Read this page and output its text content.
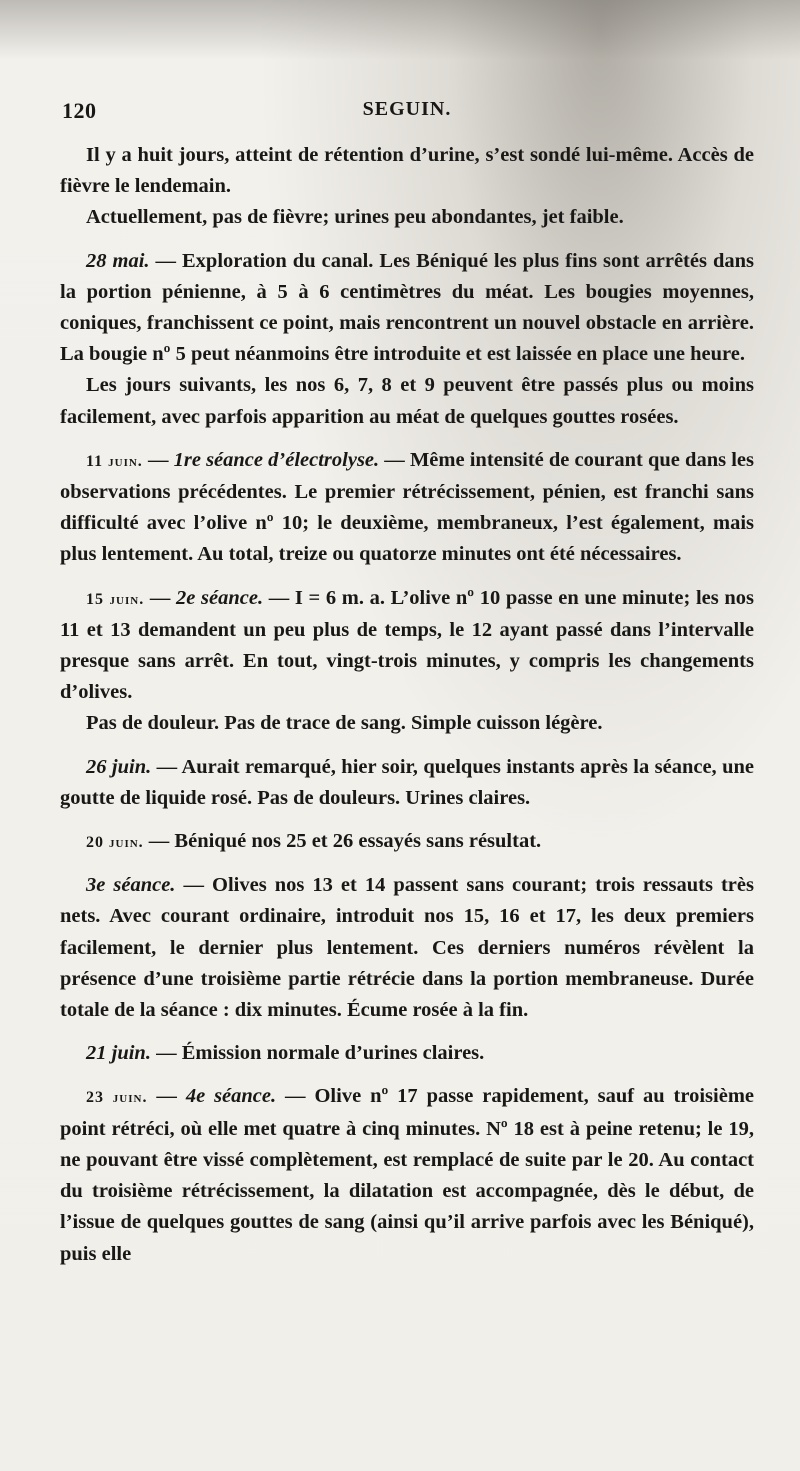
120	SEGUIN.

Il y a huit jours, atteint de rétention d’urine, s’est sondé lui-même. Accès de fièvre le lendemain.

Actuellement, pas de fièvre; urines peu abondantes, jet faible.

28 mai. — Exploration du canal. Les Béniqué les plus fins sont arrêtés dans la portion pénienne, à 5 à 6 centimètres du méat. Les bougies moyennes, coniques, franchissent ce point, mais rencontrent un nouvel obstacle en arrière. La bougie nº 5 peut néanmoins être introduite et est laissée en place une heure.

Les jours suivants, les nos 6, 7, 8 et 9 peuvent être passés plus ou moins facilement, avec parfois apparition au méat de quelques gouttes rosées.

11 juin. — 1re séance d’électrolyse. — Même intensité de courant que dans les observations précédentes. Le premier rétrécissement, pénien, est franchi sans difficulté avec l’olive nº 10; le deuxième, membraneux, l’est également, mais plus lentement. Au total, treize ou quatorze minutes ont été nécessaires.

15 juin. — 2e séance. — I = 6 m. a. L’olive nº 10 passe en une minute; les nos 11 et 13 demandent un peu plus de temps, le 12 ayant passé dans l’intervalle presque sans arrêt. En tout, vingt-trois minutes, y compris les changements d’olives.

Pas de douleur. Pas de trace de sang. Simple cuisson légère.

26 juin. — Aurait remarqué, hier soir, quelques instants après la séance, une goutte de liquide rosé. Pas de douleurs. Urines claires.

20 juin. — Béniqué nos 25 et 26 essayés sans résultat.

3e séance. — Olives nos 13 et 14 passent sans courant; trois ressauts très nets. Avec courant ordinaire, introduit nos 15, 16 et 17, les deux premiers facilement, le dernier plus lentement. Ces derniers numéros révèlent la présence d’une troisième partie rétrécie dans la portion membraneuse. Durée totale de la séance : dix minutes. Écume rosée à la fin.

21 juin. — Émission normale d’urines claires.

23 juin. — 4e séance. — Olive nº 17 passe rapidement, sauf au troisième point rétréci, où elle met quatre à cinq minutes. Nº 18 est à peine retenu; le 19, ne pouvant être vissé complètement, est remplacé de suite par le 20. Au contact du troisième rétrécissement, la dilatation est accompagnée, dès le début, de l’issue de quelques gouttes de sang (ainsi qu’il arrive parfois avec les Béniqué), puis elle
